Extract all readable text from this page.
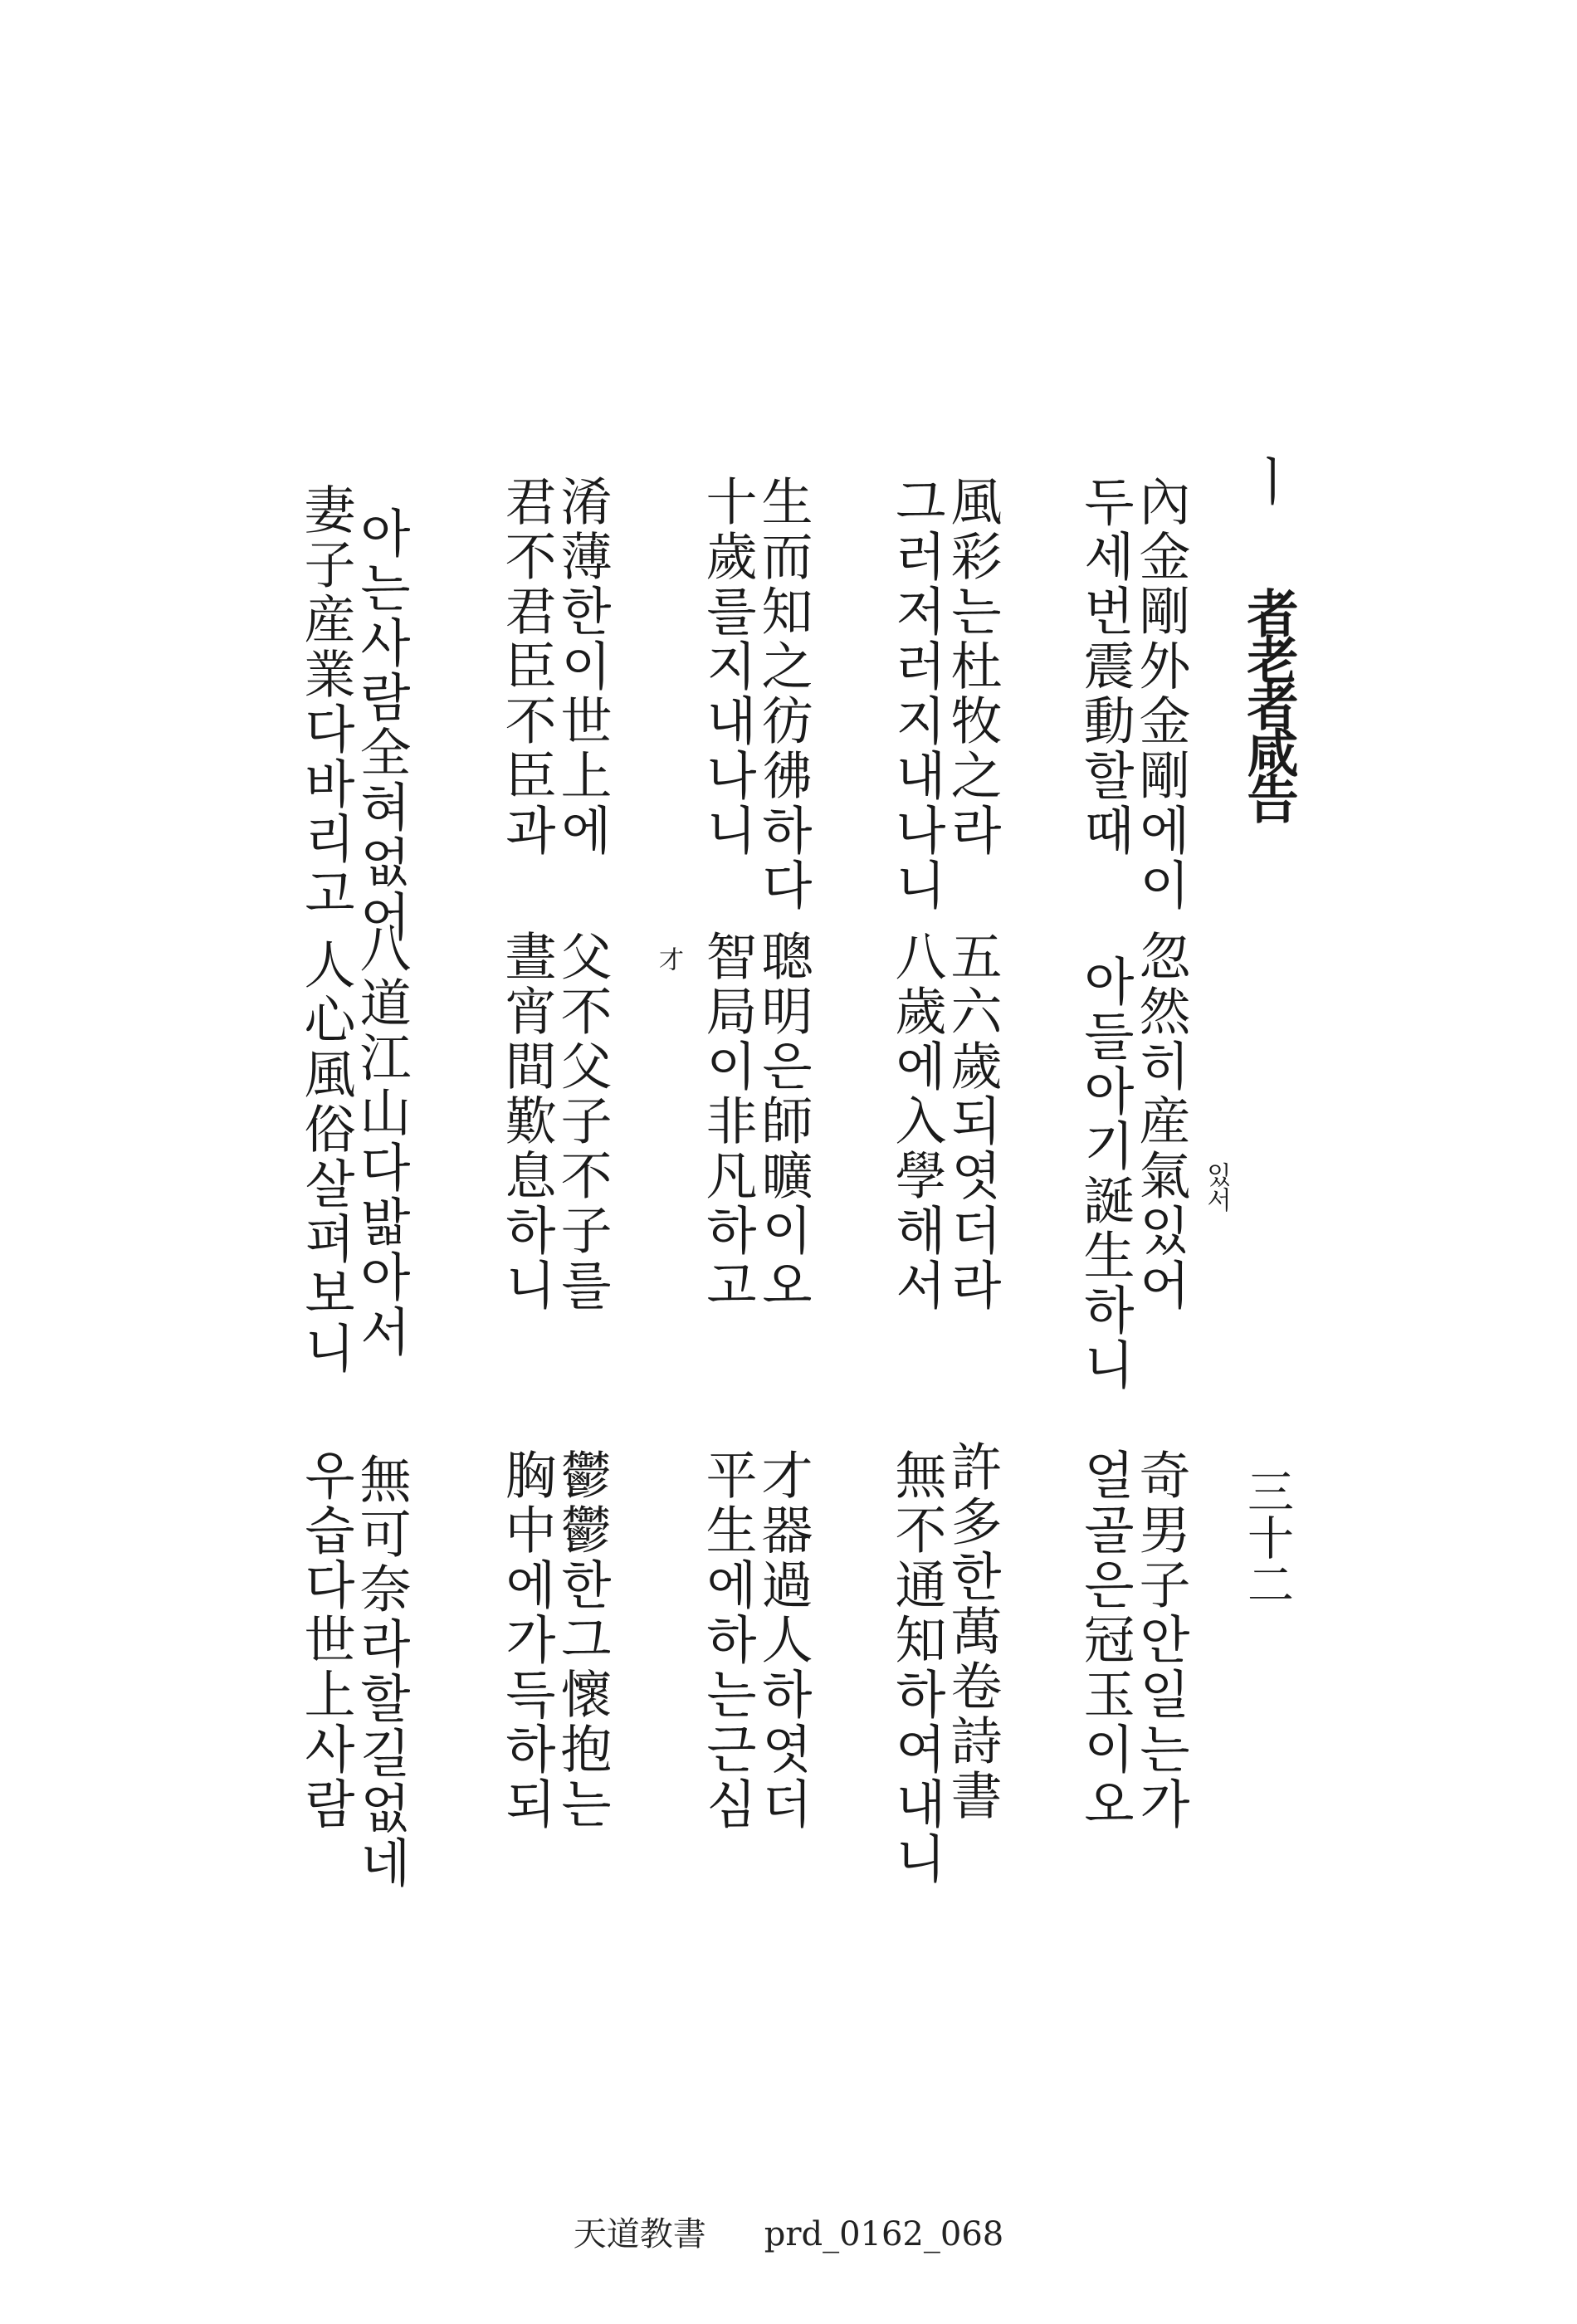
ㅣ 者老者咸告
三十二
內金剛外金剛에이
두세번震動할때
風彩는杜牧之라
그러저러지내나니
生而知之彷彿하다
十歲를지내나니
淆薄한이世上에
君不君臣不臣과
아는사람全혀없어
妻子産業다바리고
忽然히産氣있어
아들아기誕生하니
五六歲되엿더라
八歲에入學해서
聰明은師曠이오
智局이非凡하고
父不父子不子를
晝宵間歎息하니
八道江山다밟아서
人心風俗살펴보니
奇男子안일는가
얼골은冠玉이오
許多한萬卷詩書
無不通知하여내니
才器過人하엿더
平生에하는근심
鬱鬱한그懷抱는
胸中에가득하되
無可奈라할길없네
우습다世上사람
있서
才
天道教書 prd_0162_068
